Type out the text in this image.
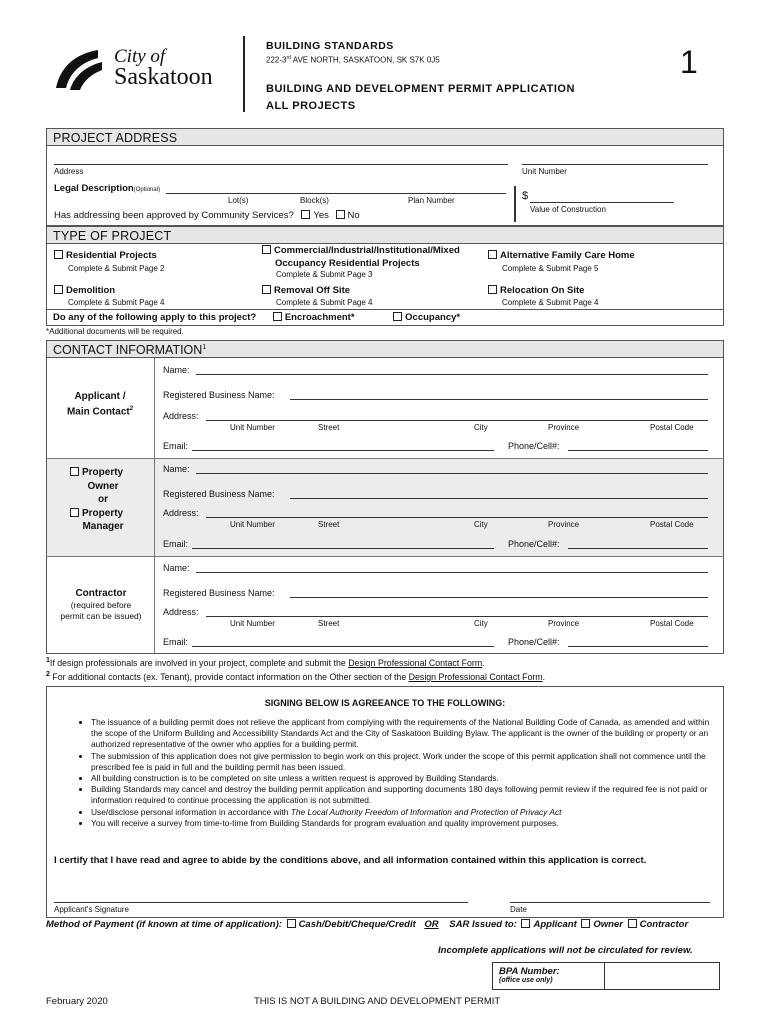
City of
Saskatoon
BUILDING STANDARDS
222-3rd AVE NORTH, SASKATOON, SK S7K 0J5
BUILDING AND DEVELOPMENT PERMIT APPLICATION
ALL PROJECTS
1
PROJECT ADDRESS
Address	Unit Number
Legal Description(Optional)
Lot(s)	Block(s)	Plan Number	$
Value of Construction
Has addressing been approved by Community Services? Yes No
TYPE OF PROJECT
Residential Projects
Complete & Submit Page 2
Commercial/Industrial/Institutional/Mixed
Occupancy Residential Projects
Complete & Submit Page 3
Alternative Family Care Home
Complete & Submit Page 5
Demolition
Complete & Submit Page 4
Removal Off Site
Complete & Submit Page 4
Relocation On Site
Complete & Submit Page 4
Do any of the following apply to this project?	Encroachment*	Occupancy*
*Additional documents will be required.
CONTACT INFORMATION$^1$
Applicant /
Main Contact$^2$
Name:
Registered Business Name:
Address:
Unit Number	Street	City	Province	Postal Code
Email:	Phone/Cell#:
Property
Owner
or
Property
Manager
Name:
Registered Business Name:
Address:
Unit Number	Street	City	Province	Postal Code
Email:	Phone/Cell#:
Contractor
(required before
permit can be issued)
Name:
Registered Business Name:
Address:
Unit Number	Street	City	Province	Postal Code
Email:	Phone/Cell#:
$^1$If design professionals are involved in your project, complete and submit the Design Professional Contact Form.
$^2$ For additional contacts (ex. Tenant), provide contact information on the Other section of the Design Professional Contact Form.
SIGNING BELOW IS AGREEANCE TO THE FOLLOWING:
• The issuance of a building permit does not relieve the applicant from complying with the requirements of the National Building Code of Canada, as amended and within the scope of the Uniform Building and Accessibility Standards Act and the City of Saskatoon Building Bylaw. The applicant is the owner of the building or property or an authorized representative of the owner who applies for a building permit.
• The submission of this application does not give permission to begin work on this project. Work under the scope of this permit application shall not commence until the prescribed fee is paid in full and the building permit has been issued.
• All building construction is to be completed on site unless a written request is approved by Building Standards.
• Building Standards may cancel and destroy the building permit application and supporting documents 180 days following permit review if the required fee is not paid or information required to continue processing the application is not submitted.
• Use/disclose personal information in accordance with The Local Authority Freedom of Information and Protection of Privacy Act
• You will receive a survey from time-to-time from Building Standards for program evaluation and quality improvement purposes.
I certify that I have read and agree to abide by the conditions above, and all information contained within this application is correct.
Applicant's Signature	Date
Method of Payment (if known at time of application): Cash/Debit/Cheque/Credit OR SAR Issued to: Applicant Owner Contractor
Incomplete applications will not be circulated for review.
BPA Number:
(office use only)
February 2020	THIS IS NOT A BUILDING AND DEVELOPMENT PERMIT
